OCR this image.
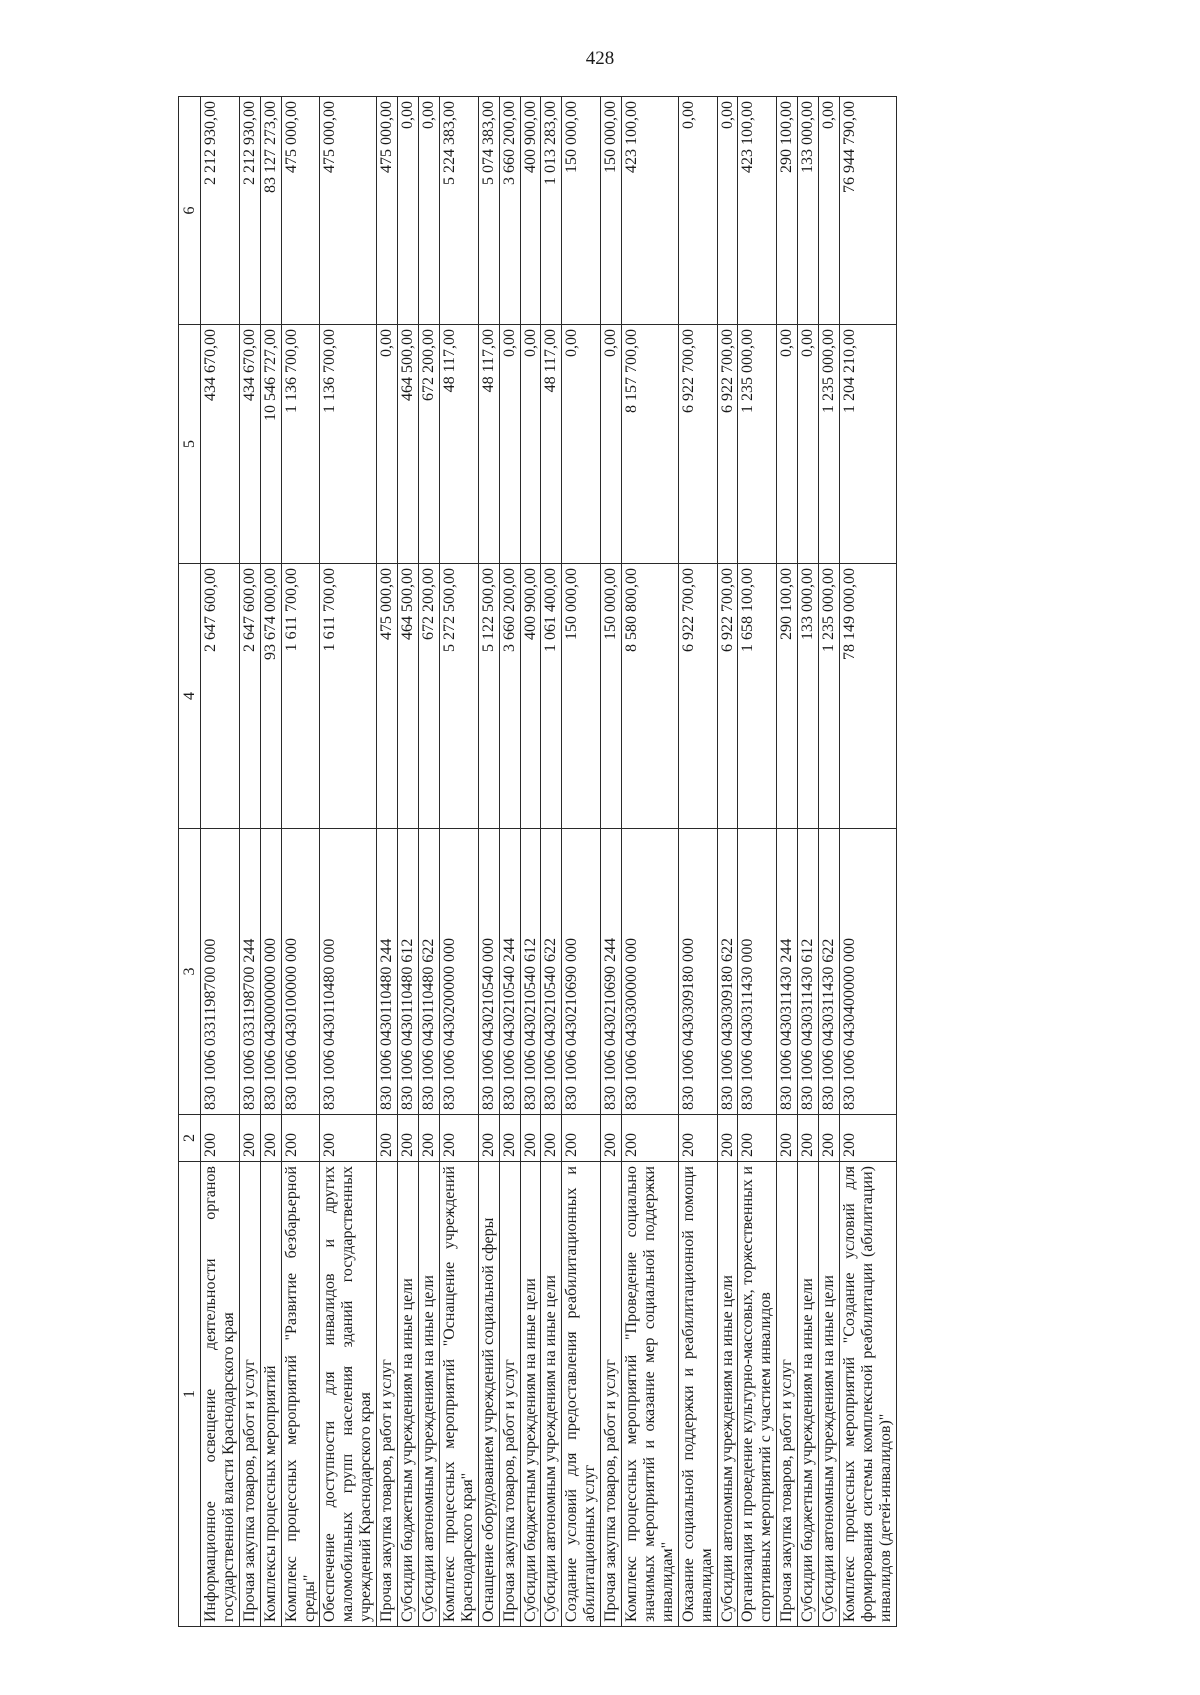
428
1	2	3	4	5	6
Информационное освещение деятельности органов государственной власти Краснодарского края	200	830 1006 0331198700 000	2 647 600,00	434 670,00	2 212 930,00
Прочая закупка товаров, работ и услуг	200	830 1006 0331198700 244	2 647 600,00	434 670,00	2 212 930,00
Комплексы процессных мероприятий	200	830 1006 0430000000 000	93 674 000,00	10 546 727,00	83 127 273,00
Комплекс процессных мероприятий "Развитие безбарьерной среды"	200	830 1006 0430100000 000	1 611 700,00	1 136 700,00	475 000,00
Обеспечение доступности для инвалидов и других маломобильных групп населения зданий государственных учреждений Краснодарского края	200	830 1006 0430110480 000	1 611 700,00	1 136 700,00	475 000,00
Прочая закупка товаров, работ и услуг	200	830 1006 0430110480 244	475 000,00	0,00	475 000,00
Субсидии бюджетным учреждениям на иные цели	200	830 1006 0430110480 612	464 500,00	464 500,00	0,00
Субсидии автономным учреждениям на иные цели	200	830 1006 0430110480 622	672 200,00	672 200,00	0,00
Комплекс процессных мероприятий "Оснащение учреждений Краснодарского края"	200	830 1006 0430200000 000	5 272 500,00	48 117,00	5 224 383,00
Оснащение оборудованием учреждений социальной сферы	200	830 1006 0430210540 000	5 122 500,00	48 117,00	5 074 383,00
Прочая закупка товаров, работ и услуг	200	830 1006 0430210540 244	3 660 200,00	0,00	3 660 200,00
Субсидии бюджетным учреждениям на иные цели	200	830 1006 0430210540 612	400 900,00	0,00	400 900,00
Субсидии автономным учреждениям на иные цели	200	830 1006 0430210540 622	1 061 400,00	48 117,00	1 013 283,00
Создание условий для предоставления реабилитационных и абилитационных услуг	200	830 1006 0430210690 000	150 000,00	0,00	150 000,00
Прочая закупка товаров, работ и услуг	200	830 1006 0430210690 244	150 000,00	0,00	150 000,00
Комплекс процессных мероприятий "Проведение социально значимых мероприятий и оказание мер социальной поддержки инвалидам"	200	830 1006 0430300000 000	8 580 800,00	8 157 700,00	423 100,00
Оказание социальной поддержки и реабилитационной помощи инвалидам	200	830 1006 0430309180 000	6 922 700,00	6 922 700,00	0,00
Субсидии автономным учреждениям на иные цели	200	830 1006 0430309180 622	6 922 700,00	6 922 700,00	0,00
Организация и проведение культурно-массовых, торжественных и спортивных мероприятий с участием инвалидов	200	830 1006 0430311430 000	1 658 100,00	1 235 000,00	423 100,00
Прочая закупка товаров, работ и услуг	200	830 1006 0430311430 244	290 100,00	0,00	290 100,00
Субсидии бюджетным учреждениям на иные цели	200	830 1006 0430311430 612	133 000,00	0,00	133 000,00
Субсидии автономным учреждениям на иные цели	200	830 1006 0430311430 622	1 235 000,00	1 235 000,00	0,00
Комплекс процессных мероприятий "Создание условий для формирования системы комплексной реабилитации (абилитации) инвалидов (детей-инвалидов)"	200	830 1006 0430400000 000	78 149 000,00	1 204 210,00	76 944 790,00
